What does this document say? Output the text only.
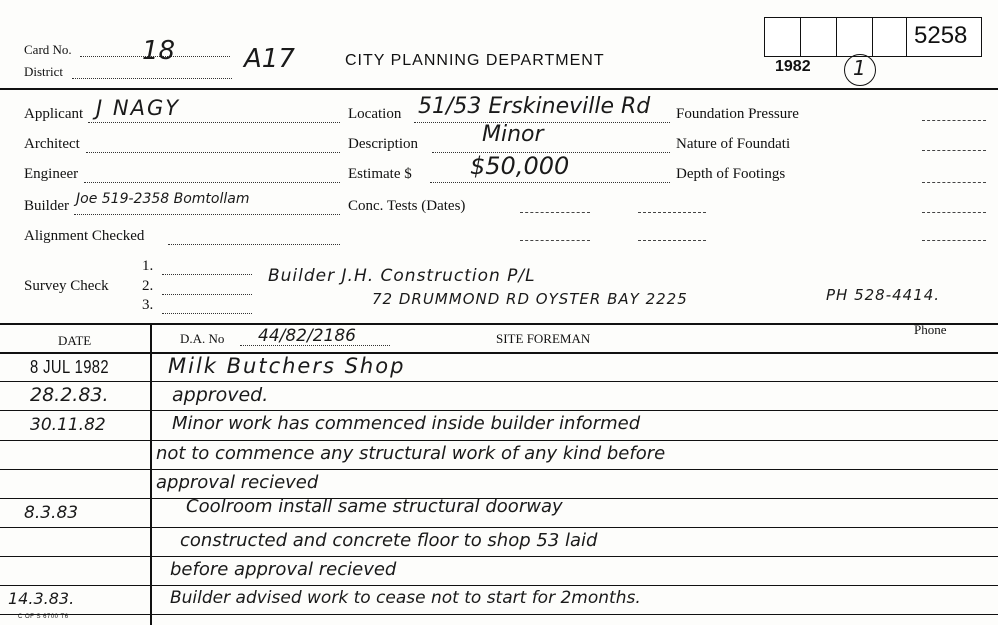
5258
Card No.	18
District	A17	CITY PLANNING DEPARTMENT	1982 1
Applicant J NAGY
Architect
Engineer
Builder Joe 519-2358 Bomtollam
Alignment Checked
Survey Check
1.
2.
3.
Location 51/53 Erskineville Rd
Description	Minor
Estimate $ $50,000
Conc. Tests (Dates)
Foundation Pressure
Nature of Foundati
Depth of Footings
Builder J.H. Construction P/L
72 DRUMMOND RD OYSTER BAY 2225	PH 528-4414.
DATE	D.A. No 44/82/2186	SITE FOREMAN
Phone
8 JUL 1982	Milk Butchers Shop
28.2.83.	approved.
30.11.82	Minor work has commenced inside builder informed
not to commence any structural work of any kind before
approval recieved
8.3.83	Coolroom install same structural doorway
constructed and concrete floor to shop 53 laid
before approval recieved
14.3.83.	Builder advised work to cease not to start for 2months.
C OF S 6700 T6
